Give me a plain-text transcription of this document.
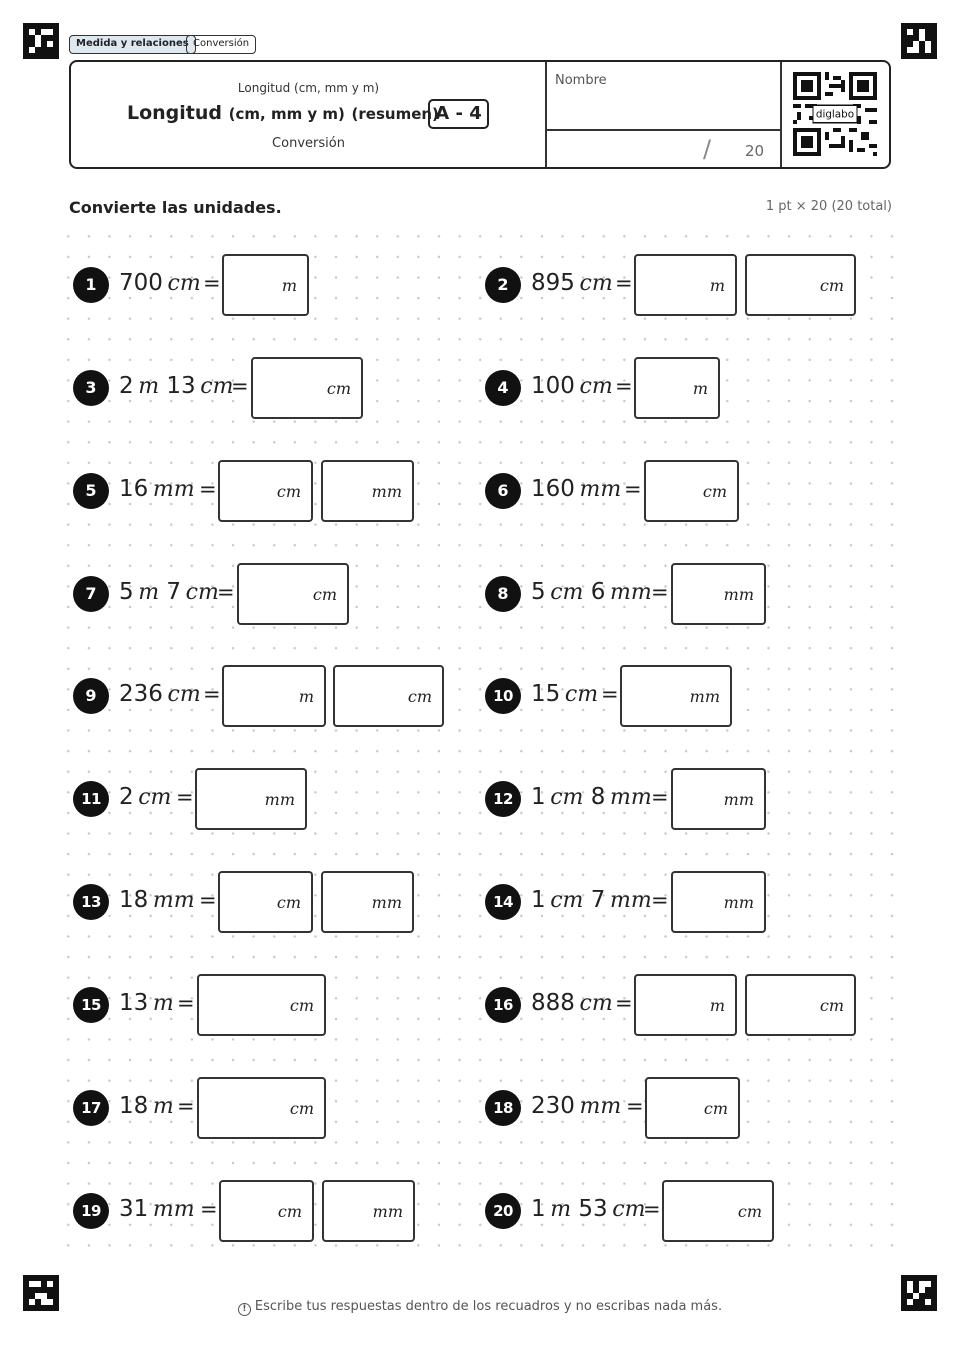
Medida y relaciones Conversión
Longitud (cm, mm y m)
Longitud (cm, mm y m) (resumen)
A - 4
Conversión
Nombre
/ 20
diglabo
Convierte las unidades.	1 pt × 20 (20 total)
1 700  cm =	m	2 895  cm =	m	cm
3 2  m 13  cm
=	cm	4 100  cm =	m
5 16  mm =	cm	mm	6 160  mm =	cm
7 5  m 7  cm
=	cm	8 5  cm 6  mm =	mm
9 236  cm =	m	cm	10 15  cm =	mm
11 2  cm =	mm	12 1  cm 8  mm =	mm
13 18  mm =	cm	mm	14 1  cm 7  mm =	mm
15 13  m =	cm	16 888  cm =	m	cm
17 18  m =	cm	18 230  mm =	cm
19 31  mm =	cm	mm	20 1  m 53  cm
=	cm
! Escribe tus respuestas dentro de los recuadros y no escribas nada más.
